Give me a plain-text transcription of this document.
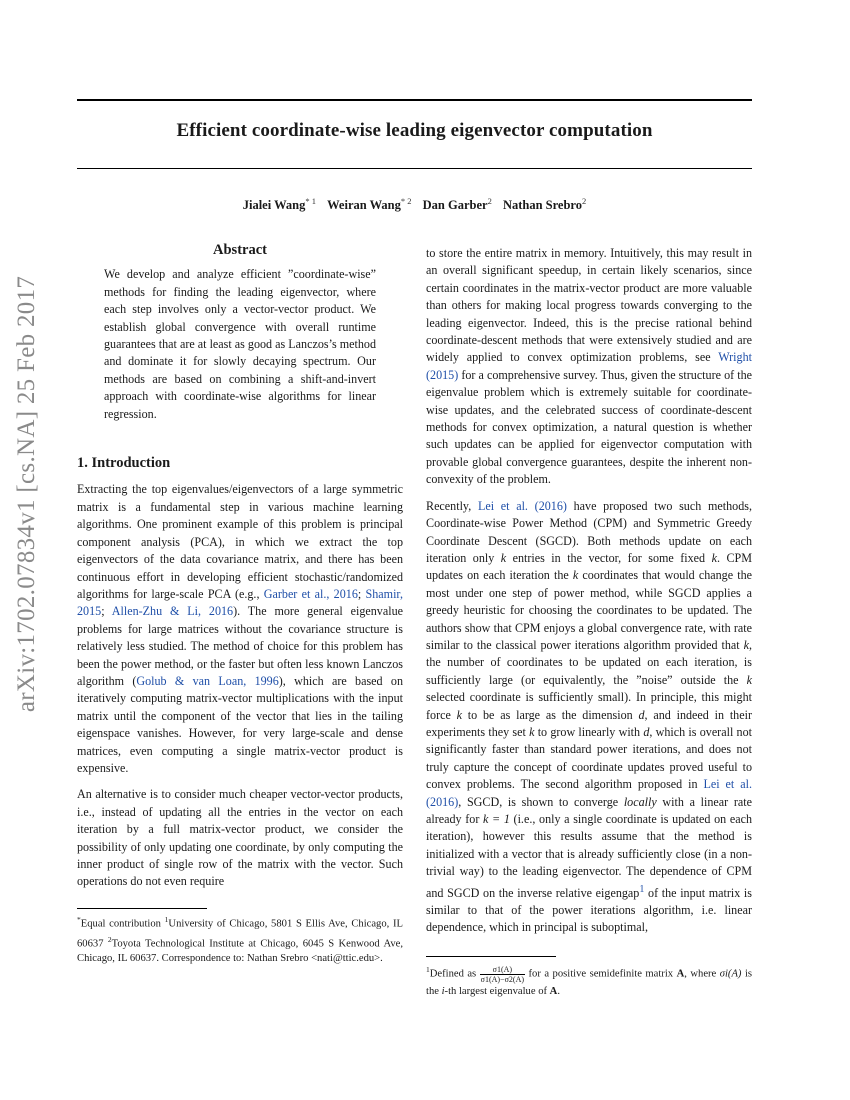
Efficient coordinate-wise leading eigenvector computation
Jialei Wang$^{* 1}$ Weiran Wang$^{* 2}$ Dan Garber$^2$ Nathan Srebro$^2$
arXiv:1702.07834v1 [cs.NA] 25 Feb 2017
Abstract
We develop and analyze efficient ”coordinate-wise” methods for finding the leading eigenvector, where each step involves only a vector-vector product. We establish global convergence with overall runtime guarantees that are at least as good as Lanczos’s method and dominate it for slowly decaying spectrum. Our methods are based on combining a shift-and-invert approach with coordinate-wise algorithms for linear regression.
1. Introduction

Extracting the top eigenvalues/eigenvectors of a large symmetric matrix is a fundamental step in various machine learning algorithms. One prominent example of this problem is principal component analysis (PCA), in which we extract the top eigenvectors of the data covariance matrix, and there has been continuous effort in developing efficient stochastic/randomized algorithms for large-scale PCA (e.g., Garber et al., 2016; Shamir, 2015; Allen-Zhu & Li, 2016). The more general eigenvalue problems for large matrices without the covariance structure is relatively less studied. The method of choice for this problem has been the power method, or the faster but often less known Lanczos algorithm (Golub & van Loan, 1996), which are based on iteratively computing matrix-vector multiplications with the input matrix until the component of the vector that lies in the tailing eigenspace vanishes. However, for very large-scale and dense matrices, even computing a single matrix-vector product is expensive.

An alternative is to consider much cheaper vector-vector products, i.e., instead of updating all the entries in the vector on each iteration by a full matrix-vector product, we consider the possibility of only updating one coordinate, by only computing the inner product of single row of the matrix with the vector. Such operations do not even require

*Equal contribution $^1$University of Chicago, 5801 S Ellis Ave, Chicago, IL 60637 $^2$Toyota Technological Institute at Chicago, 6045 S Kenwood Ave, Chicago, IL 60637. Correspondence to: Nathan Srebro <nati@ttic.edu>.

to store the entire matrix in memory. Intuitively, this may result in an overall significant speedup, in certain likely scenarios, since certain coordinates in the matrix-vector product are more valuable than others for making local progress towards converging to the leading eigenvector. Indeed, this is the precise rational behind coordinate-descent methods that were extensively studied and are widely applied to convex optimization problems, see Wright (2015) for a comprehensive survey. Thus, given the structure of the eigenvalue problem which is extremely suitable for coordinate-wise updates, and the celebrated success of coordinate-descent methods for convex optimization, a natural question is whether such updates can be applied for eigenvector computation with provable global convergence guarantees, despite the inherent non-convexity of the problem.

Recently, Lei et al. (2016) have proposed two such methods, Coordinate-wise Power Method (CPM) and Symmetric Greedy Coordinate Descent (SGCD). Both methods update on each iteration only k entries in the vector, for some fixed k. CPM updates on each iteration the k coordinates that would change the most under one step of power method, while SGCD applies a greedy heuristic for choosing the coordinates to be updated. The authors show that CPM enjoys a global convergence rate, with rate similar to the classical power iterations algorithm provided that k, the number of coordinates to be updated on each iteration, is sufficiently large (or equivalently, the ”noise” outside the k selected coordinate is sufficiently small). In principle, this might force k to be as large as the dimension d, and indeed in their experiments they set k to grow linearly with d, which is overall not significantly faster than standard power iterations, and does not truly capture the concept of coordinate updates proved useful to convex problems. The second algorithm proposed in Lei et al. (2016), SGCD, is shown to converge locally with a linear rate already for k = 1 (i.e., only a single coordinate is updated on each iteration), however this results assume that the method is initialized with a vector that is already sufficiently close (in a non-trivial way) to the leading eigenvector. The dependence of CPM and SGCD on the inverse relative eigengap$^1$ of the input matrix is similar to that of the power iterations algorithm, i.e. linear dependence, which in principal is suboptimal,

$^1$Defined as $\frac{\sigma 1(A)}{\sigma 1(A)-\sigma 2(A)}$ for a positive semidefinite matrix A, where σi(A) is the i-th largest eigenvalue of A.
